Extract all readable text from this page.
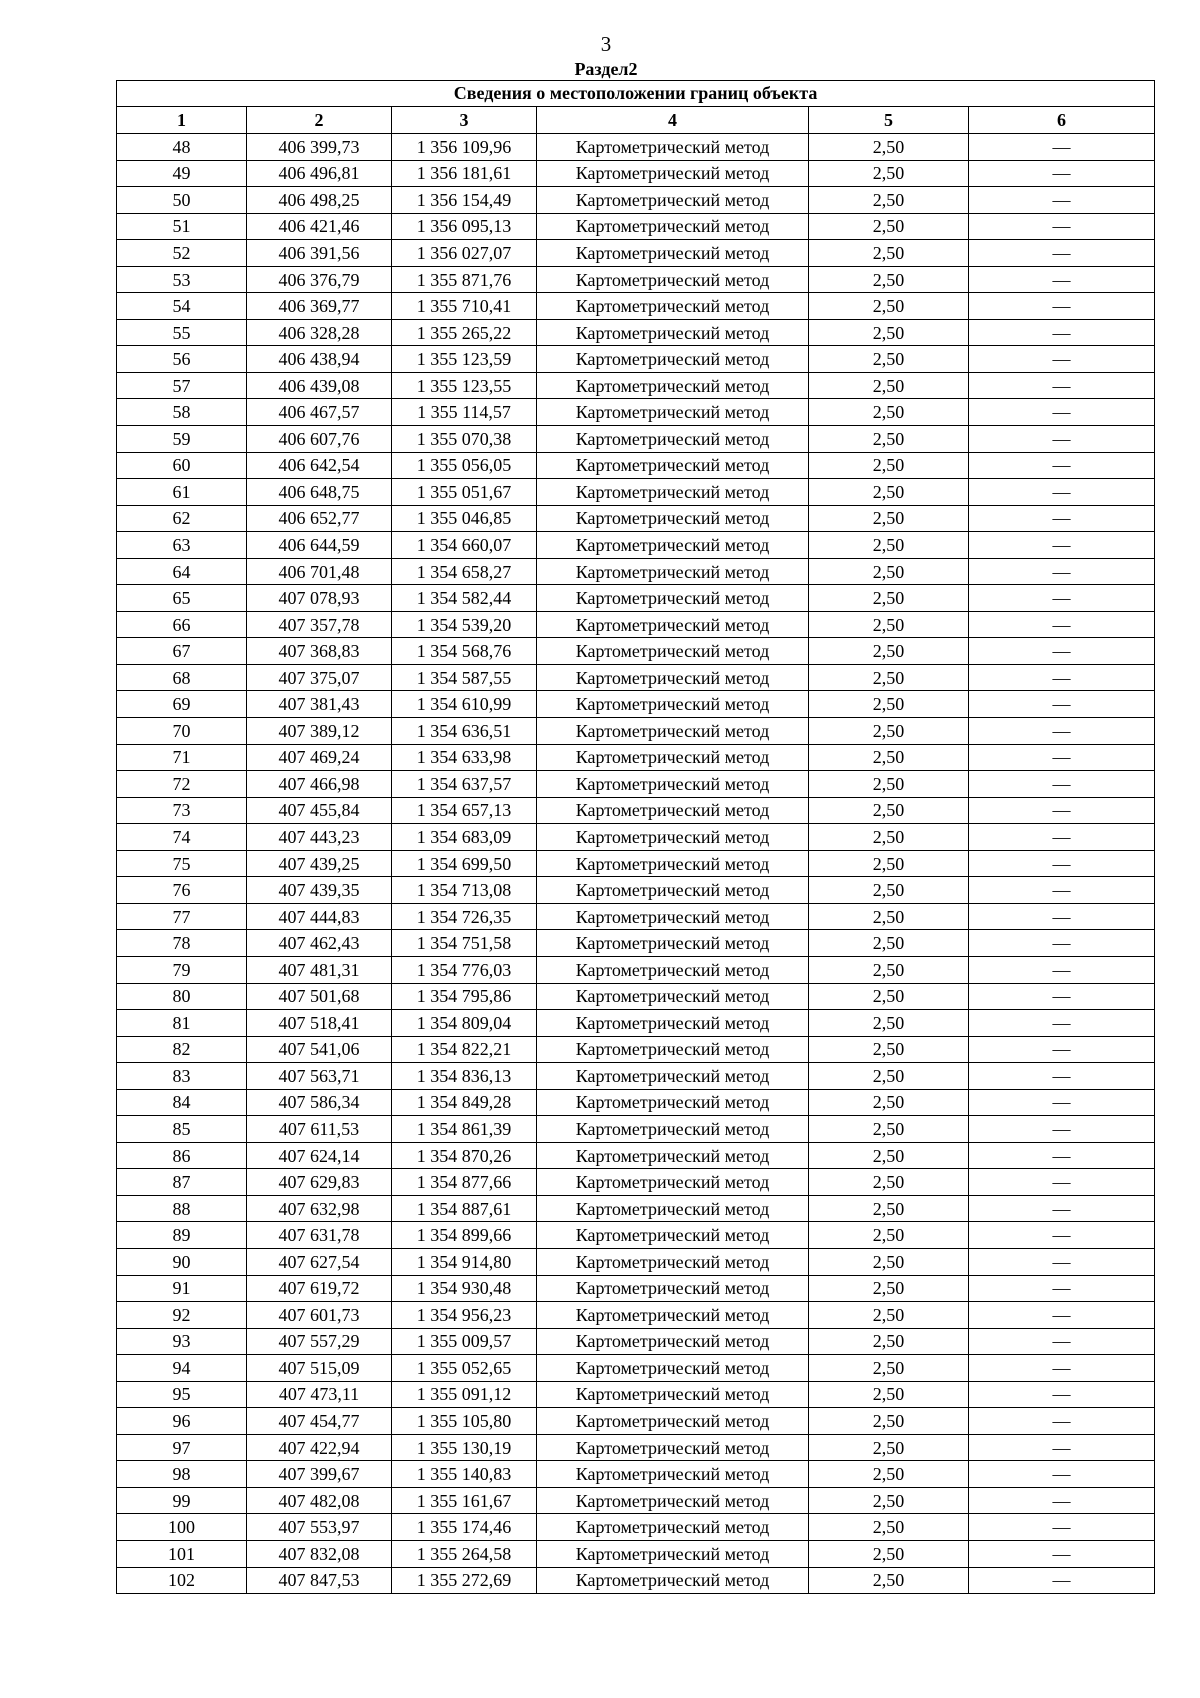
3
Раздел2
Сведения о местоположении границ объекта					
1	2	3	4	5	6
48	406 399,73	1 356 109,96	Картометрический метод	2,50	—
49	406 496,81	1 356 181,61	Картометрический метод	2,50	—
50	406 498,25	1 356 154,49	Картометрический метод	2,50	—
51	406 421,46	1 356 095,13	Картометрический метод	2,50	—
52	406 391,56	1 356 027,07	Картометрический метод	2,50	—
53	406 376,79	1 355 871,76	Картометрический метод	2,50	—
54	406 369,77	1 355 710,41	Картометрический метод	2,50	—
55	406 328,28	1 355 265,22	Картометрический метод	2,50	—
56	406 438,94	1 355 123,59	Картометрический метод	2,50	—
57	406 439,08	1 355 123,55	Картометрический метод	2,50	—
58	406 467,57	1 355 114,57	Картометрический метод	2,50	—
59	406 607,76	1 355 070,38	Картометрический метод	2,50	—
60	406 642,54	1 355 056,05	Картометрический метод	2,50	—
61	406 648,75	1 355 051,67	Картометрический метод	2,50	—
62	406 652,77	1 355 046,85	Картометрический метод	2,50	—
63	406 644,59	1 354 660,07	Картометрический метод	2,50	—
64	406 701,48	1 354 658,27	Картометрический метод	2,50	—
65	407 078,93	1 354 582,44	Картометрический метод	2,50	—
66	407 357,78	1 354 539,20	Картометрический метод	2,50	—
67	407 368,83	1 354 568,76	Картометрический метод	2,50	—
68	407 375,07	1 354 587,55	Картометрический метод	2,50	—
69	407 381,43	1 354 610,99	Картометрический метод	2,50	—
70	407 389,12	1 354 636,51	Картометрический метод	2,50	—
71	407 469,24	1 354 633,98	Картометрический метод	2,50	—
72	407 466,98	1 354 637,57	Картометрический метод	2,50	—
73	407 455,84	1 354 657,13	Картометрический метод	2,50	—
74	407 443,23	1 354 683,09	Картометрический метод	2,50	—
75	407 439,25	1 354 699,50	Картометрический метод	2,50	—
76	407 439,35	1 354 713,08	Картометрический метод	2,50	—
77	407 444,83	1 354 726,35	Картометрический метод	2,50	—
78	407 462,43	1 354 751,58	Картометрический метод	2,50	—
79	407 481,31	1 354 776,03	Картометрический метод	2,50	—
80	407 501,68	1 354 795,86	Картометрический метод	2,50	—
81	407 518,41	1 354 809,04	Картометрический метод	2,50	—
82	407 541,06	1 354 822,21	Картометрический метод	2,50	—
83	407 563,71	1 354 836,13	Картометрический метод	2,50	—
84	407 586,34	1 354 849,28	Картометрический метод	2,50	—
85	407 611,53	1 354 861,39	Картометрический метод	2,50	—
86	407 624,14	1 354 870,26	Картометрический метод	2,50	—
87	407 629,83	1 354 877,66	Картометрический метод	2,50	—
88	407 632,98	1 354 887,61	Картометрический метод	2,50	—
89	407 631,78	1 354 899,66	Картометрический метод	2,50	—
90	407 627,54	1 354 914,80	Картометрический метод	2,50	—
91	407 619,72	1 354 930,48	Картометрический метод	2,50	—
92	407 601,73	1 354 956,23	Картометрический метод	2,50	—
93	407 557,29	1 355 009,57	Картометрический метод	2,50	—
94	407 515,09	1 355 052,65	Картометрический метод	2,50	—
95	407 473,11	1 355 091,12	Картометрический метод	2,50	—
96	407 454,77	1 355 105,80	Картометрический метод	2,50	—
97	407 422,94	1 355 130,19	Картометрический метод	2,50	—
98	407 399,67	1 355 140,83	Картометрический метод	2,50	—
99	407 482,08	1 355 161,67	Картометрический метод	2,50	—
100	407 553,97	1 355 174,46	Картометрический метод	2,50	—
101	407 832,08	1 355 264,58	Картометрический метод	2,50	—
102	407 847,53	1 355 272,69	Картометрический метод	2,50	—
